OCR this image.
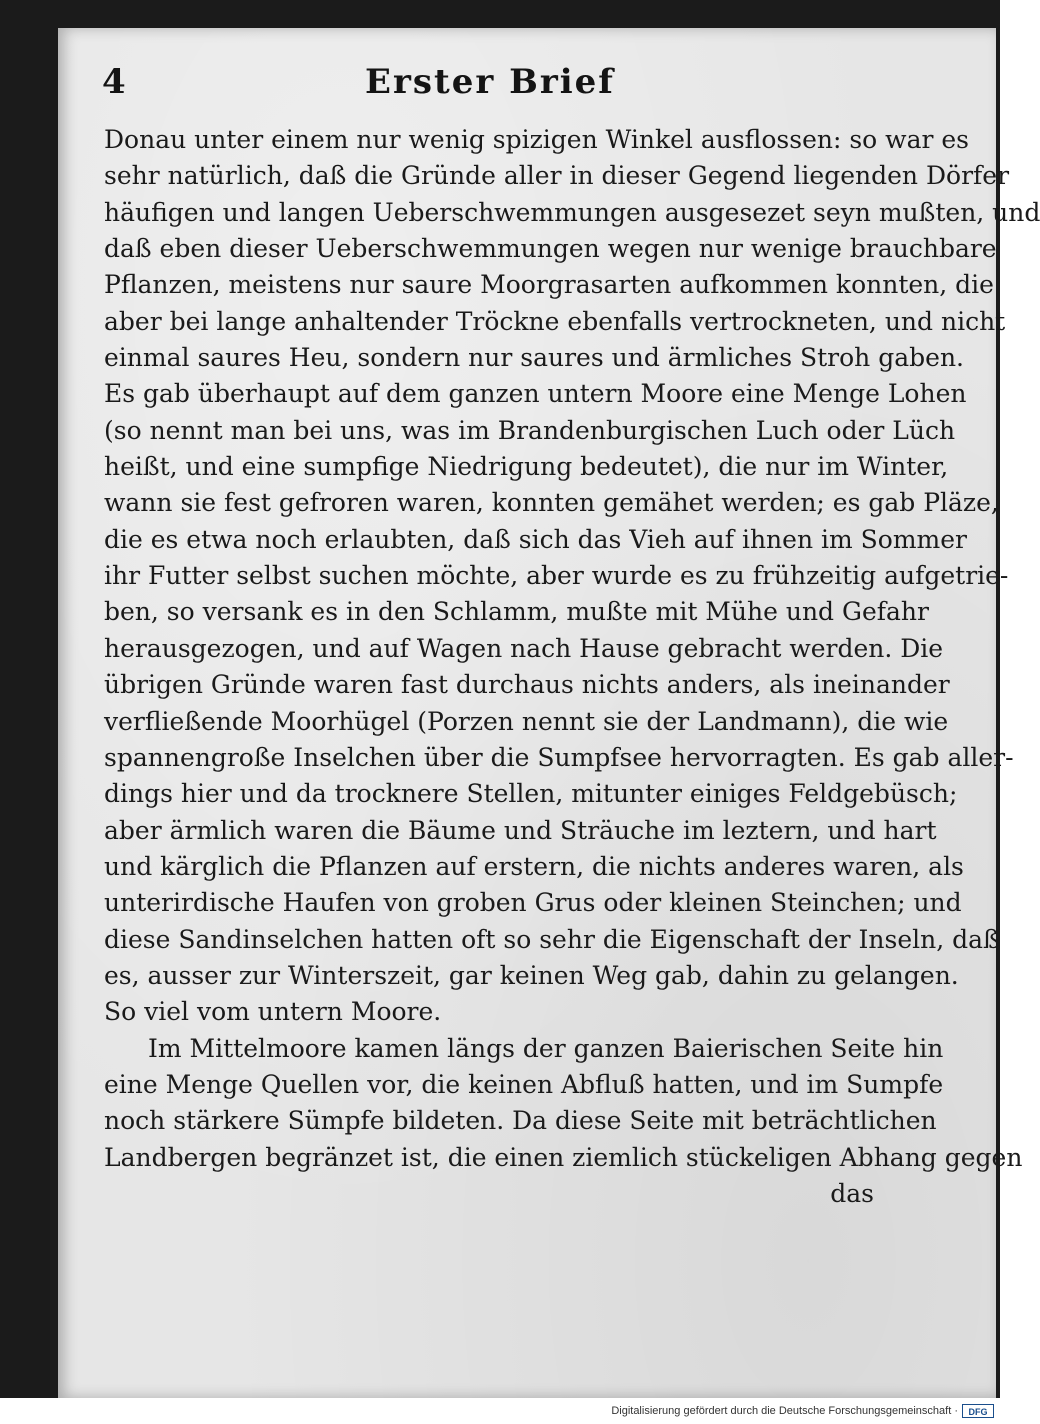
4	Erster Brief
Donau unter einem nur wenig spizigen Winkel ausflossen: so war es
sehr natürlich, daß die Gründe aller in dieser Gegend liegenden Dörfer
häufigen und langen Ueberschwemmungen ausgesezet seyn mußten, und
daß eben dieser Ueberschwemmungen wegen nur wenige brauchbare
Pflanzen, meistens nur saure Moorgrasarten aufkommen konnten, die
aber bei lange anhaltender Tröckne ebenfalls vertrockneten, und nicht
einmal saures Heu, sondern nur saures und ärmliches Stroh gaben.
Es gab überhaupt auf dem ganzen untern Moore eine Menge Lohen
(so nennt man bei uns, was im Brandenburgischen Luch oder Lüch
heißt, und eine sumpfige Niedrigung bedeutet), die nur im Winter,
wann sie fest gefroren waren, konnten gemähet werden; es gab Pläze,
die es etwa noch erlaubten, daß sich das Vieh auf ihnen im Sommer
ihr Futter selbst suchen möchte, aber wurde es zu frühzeitig aufgetrie-
ben, so versank es in den Schlamm, mußte mit Mühe und Gefahr
herausgezogen, und auf Wagen nach Hause gebracht werden. Die
übrigen Gründe waren fast durchaus nichts anders, als ineinander
verfließende Moorhügel (Porzen nennt sie der Landmann), die wie
spannengroße Inselchen über die Sumpfsee hervorragten. Es gab aller-
dings hier und da trocknere Stellen, mitunter einiges Feldgebüsch;
aber ärmlich waren die Bäume und Sträuche im leztern, und hart
und kärglich die Pflanzen auf erstern, die nichts anderes waren, als
unterirdische Haufen von groben Grus oder kleinen Steinchen; und
diese Sandinselchen hatten oft so sehr die Eigenschaft der Inseln, daß
es, ausser zur Winterszeit, gar keinen Weg gab, dahin zu gelangen.
So viel vom untern Moore.
Im Mittelmoore kamen längs der ganzen Baierischen Seite hin
eine Menge Quellen vor, die keinen Abfluß hatten, und im Sumpfe
noch stärkere Sümpfe bildeten. Da diese Seite mit beträchtlichen
Landbergen begränzet ist, die einen ziemlich stückeligen Abhang gegen
das
Digitalisierung gefördert durch die Deutsche Forschungsgemeinschaft ·	DFG
